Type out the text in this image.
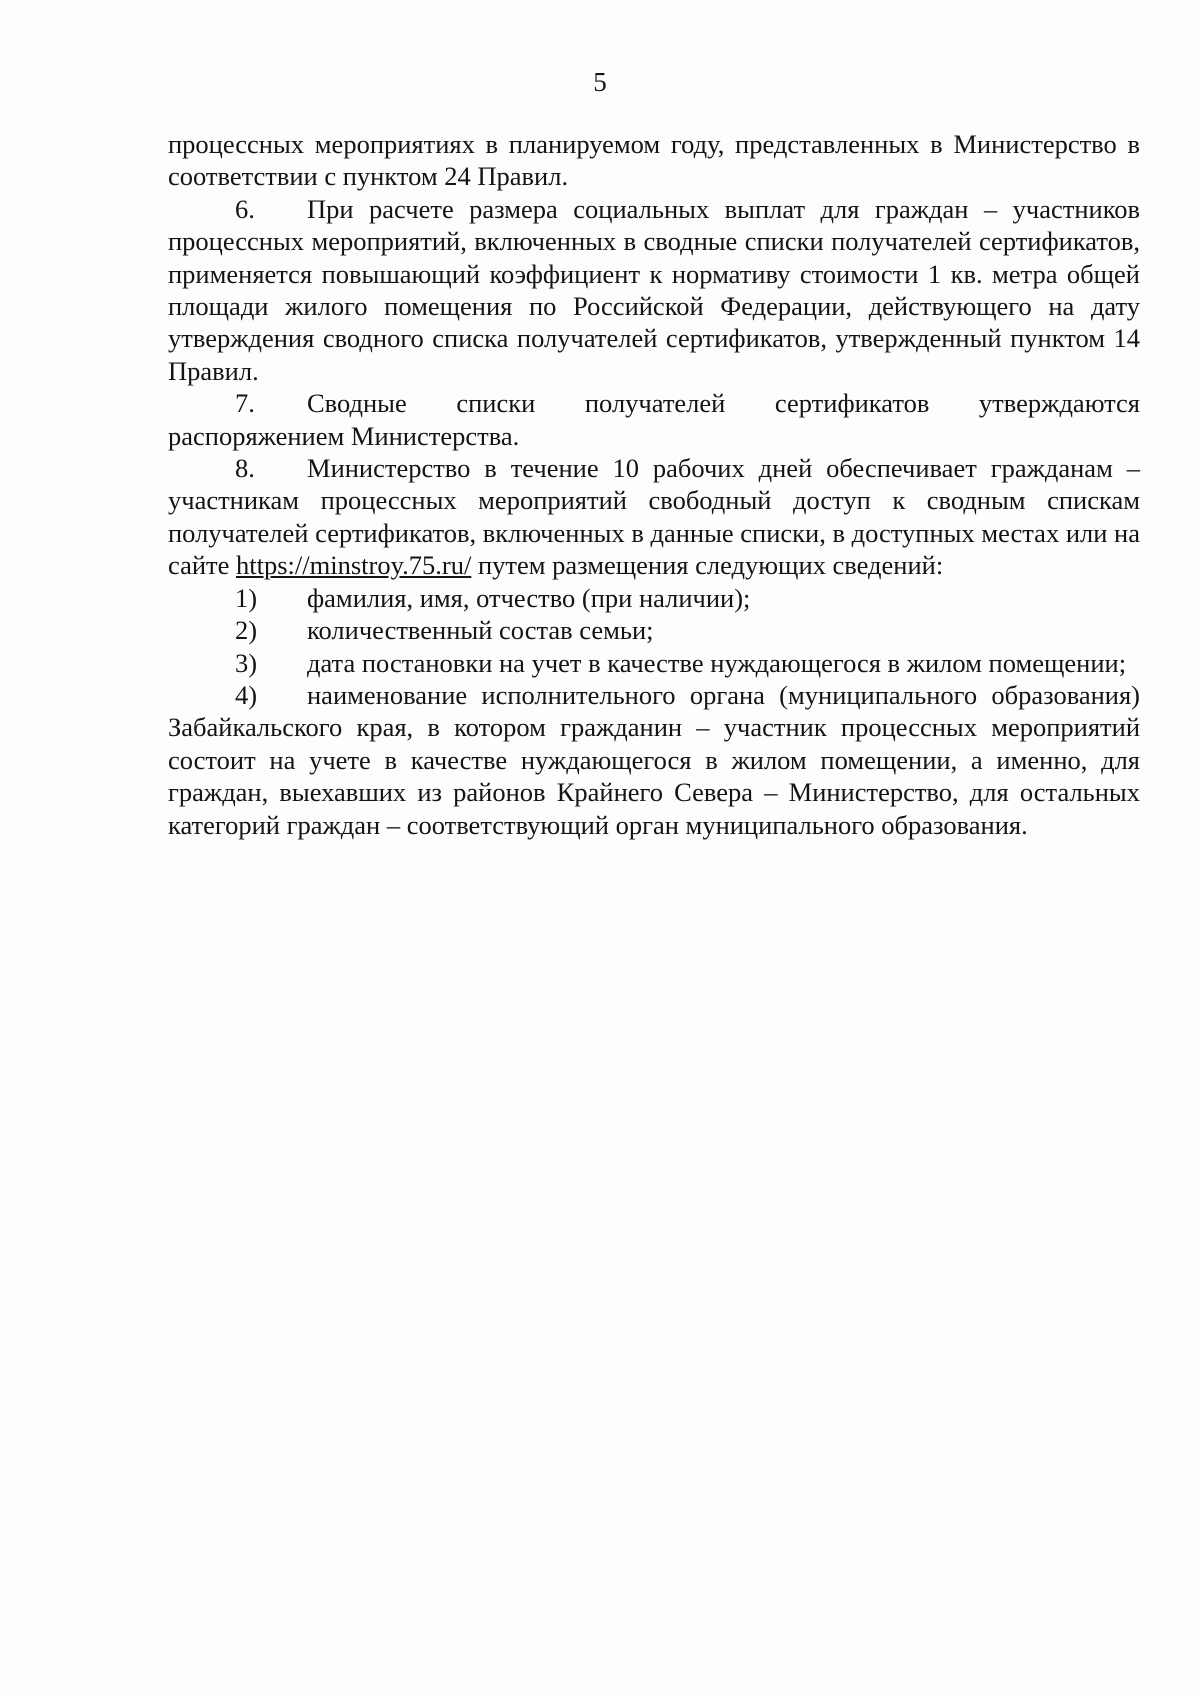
5

процессных мероприятиях в планируемом году, представленных в Министерство в соответствии с пунктом 24 Правил.

6. При расчете размера социальных выплат для граждан – участников процессных мероприятий, включенных в сводные списки получателей сертификатов, применяется повышающий коэффициент к нормативу стоимости 1 кв. метра общей площади жилого помещения по Российской Федерации, действующего на дату утверждения сводного списка получателей сертификатов, утвержденный пунктом 14 Правил.

7. Сводные списки получателей сертификатов утверждаются распоряжением Министерства.

8. Министерство в течение 10 рабочих дней обеспечивает гражданам – участникам процессных мероприятий свободный доступ к сводным спискам получателей сертификатов, включенных в данные списки, в доступных местах или на сайте https://minstroy.75.ru/ путем размещения следующих сведений:

1) фамилия, имя, отчество (при наличии);

2) количественный состав семьи;

3) дата постановки на учет в качестве нуждающегося в жилом помещении;

4) наименование исполнительного органа (муниципального образования) Забайкальского края, в котором гражданин – участник процессных мероприятий состоит на учете в качестве нуждающегося в жилом помещении, а именно, для граждан, выехавших из районов Крайнего Севера – Министерство, для остальных категорий граждан – соответствующий орган муниципального образования.
